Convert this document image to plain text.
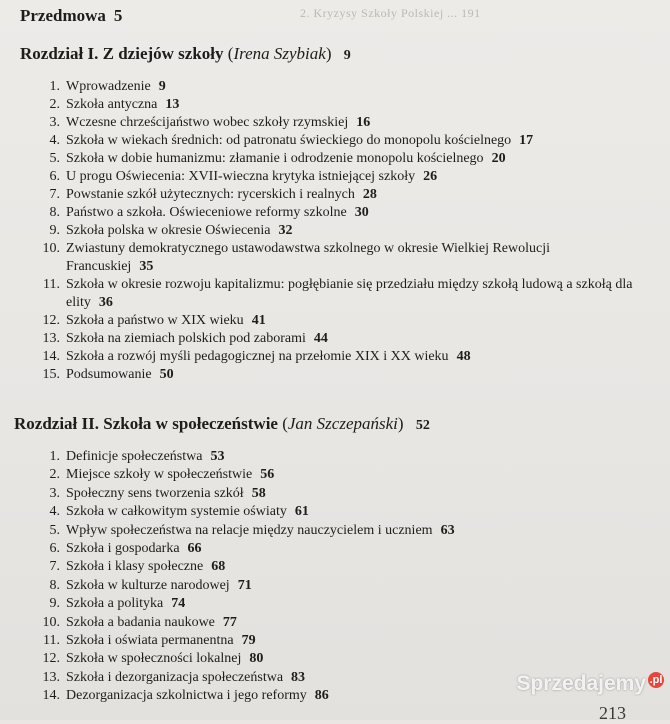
2. Kryzysy Szkoły Polskiej ... 191
Przedmowa 5
Rozdział I. Z dziejów szkoły (Irena Szybiak) 9
1. Wprowadzenie 9
2. Szkoła antyczna 13
3. Wczesne chrześcijaństwo wobec szkoły rzymskiej 16
4. Szkoła w wiekach średnich: od patronatu świeckiego do monopolu kościelnego 17
5. Szkoła w dobie humanizmu: złamanie i odrodzenie monopolu kościelnego 20
6. U progu Oświecenia: XVII-wieczna krytyka istniejącej szkoły 26
7. Powstanie szkół użytecznych: rycerskich i realnych 28
8. Państwo a szkoła. Oświeceniowe reformy szkolne 30
9. Szkoła polska w okresie Oświecenia 32
10. Zwiastuny demokratycznego ustawodawstwa szkolnego w okresie Wielkiej Rewolucji Francuskiej 35
11. Szkoła w okresie rozwoju kapitalizmu: pogłębianie się przedziału między szkołą ludową a szkołą dla elity 36
12. Szkoła a państwo w XIX wieku 41
13. Szkoła na ziemiach polskich pod zaborami 44
14. Szkoła a rozwój myśli pedagogicznej na przełomie XIX i XX wieku 48
15. Podsumowanie 50
Rozdział II. Szkoła w społeczeństwie (Jan Szczepański) 52
1. Definicje społeczeństwa 53
2. Miejsce szkoły w społeczeństwie 56
3. Społeczny sens tworzenia szkół 58
4. Szkoła w całkowitym systemie oświaty 61
5. Wpływ społeczeństwa na relacje między nauczycielem i uczniem 63
6. Szkoła i gospodarka 66
7. Szkoła i klasy społeczne 68
8. Szkoła w kulturze narodowej 71
9. Szkoła a polityka 74
10. Szkoła a badania naukowe 77
11. Szkoła i oświata permanentna 79
12. Szkoła w społeczności lokalnej 80
13. Szkoła i dezorganizacja społeczeństwa 83
14. Dezorganizacja szkolnictwa i jego reformy 86
213
Sprzedajemy .pl
